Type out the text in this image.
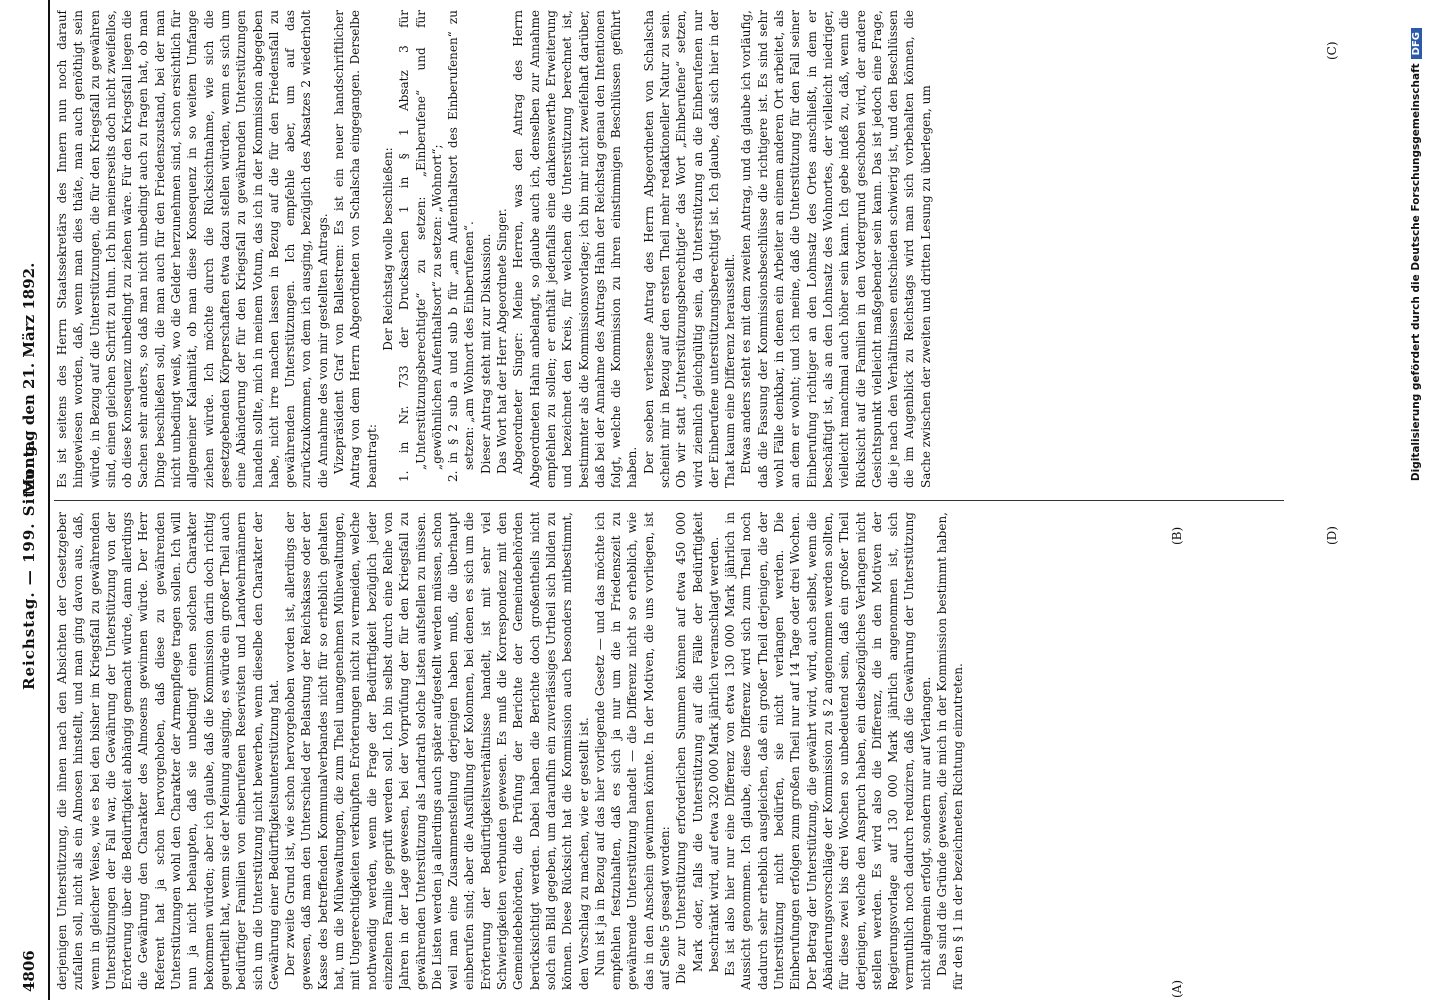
4806
Reichstag. — 199. Sitzung.
Montag den 21. März 1892.

derjenigen Unterstützung, die ihnen nach den Absichten der Gesetzgeber zufallen soll, nicht als ein Almosen hinstellt, und man ging davon aus, daß, wenn in gleicher Weise, wie es bei den bisher im Kriegsfall zu gewährenden Unterstützungen der Fall war, die Gewährung der Unterstützung von der Erörterung über die Bedürftigkeit abhängig gemacht würde, dann allerdings die Gewährung den Charakter des Almosens gewinnen würde. Der Herr Referent hat ja schon hervorgehoben, daß diese zu gewährenden Unterstützungen wohl den Charakter der Armenpflege tragen sollen. Ich will nun ja nicht behaupten, daß sie unbedingt einen solchen Charakter bekommen würden; aber ich glaube, daß die Kommission darin doch richtig geurtheilt hat, wenn sie der Meinung ausging, es würde ein großer Theil auch bedürftiger Familien von einberufenen Reservisten und Landwehrmännern sich um die Unterstützung nicht bewerben, wenn dieselbe den Charakter der Gewährung einer Bedürftigkeitsunterstützung hat. Der zweite Grund ist, wie schon hervorgehoben worden ist, allerdings der gewesen, daß man den Unterschied der Belastung der Reichskasse oder der Kasse des betreffenden Kommunalverbandes nicht für so erheblich gehalten hat, um die Mühewaltungen, die zum Theil unangenehmen Mühewaltungen, mit Ungerechtigkeiten verknüpften Erörterungen nicht zu vermeiden, welche nothwendig werden, wenn die Frage der Bedürftigkeit bezüglich jeder einzelnen Familie geprüft werden soll. Ich bin selbst durch eine Reihe von Jahren in der Lage gewesen, bei der Vorprüfung der für den Kriegsfall zu gewährenden Unterstützung als Landrath solche Listen aufstellen zu müssen. Die Listen werden ja allerdings auch später aufgestellt werden müssen, schon weil man eine Zusammenstellung derjenigen haben muß, die überhaupt einberufen sind; aber die Ausfüllung der Kolonnen, bei denen es sich um die Erörterung der Bedürftigkeitsverhältnisse handelt, ist mit sehr viel Schwierigkeiten verbunden gewesen. Es muß die Korrespondenz mit den Gemeindebehörden, die Prüfung der Berichte der Gemeindebehörden berücksichtigt werden. Dabei haben die Berichte doch großentheils nicht solch ein Bild gegeben, um daraufhin ein zuverlässiges Urtheil sich bilden zu können. Diese Rücksicht hat die Kommission auch besonders mitbestimmt, den Vorschlag zu machen, wie er gestellt ist. Nun ist ja in Bezug auf das hier vorliegende Gesetz — und das möchte ich empfehlen festzuhalten, daß es sich ja nur um die in Friedenszeit zu gewährende Unterstützung handelt — die Differenz nicht so erheblich, wie das in den Anschein gewinnen könnte. In der Motiven, die uns vorliegen, ist auf Seite 5 gesagt worden: Die zur Unterstützung erforderlichen Summen können auf etwa 450 000 Mark oder, falls die Unterstützung auf die Fälle der Bedürftigkeit beschränkt wird, auf etwa 320 000 Mark jährlich veranschlagt werden. Es ist also hier nur eine Differenz von etwa 130 000 Mark jährlich in Aussicht genommen. Ich glaube, diese Differenz wird sich zum Theil noch dadurch sehr erheblich ausgleichen, daß ein großer Theil derjenigen, die der Unterstützung nicht bedürfen, sie nicht verlangen werden. Die Einberufungen erfolgen zum großen Theil nur auf 14 Tage oder drei Wochen. Der Betrag der Unterstützung, die gewährt wird, wird, auch selbst, wenn die Abänderungsvorschläge der Kommission zu § 2 angenommen werden sollten, für diese zwei bis drei Wochen so unbedeutend sein, daß ein großer Theil derjenigen, welche den Anspruch haben, ein diesbezügliches Verlangen nicht stellen werden. Es wird also die Differenz, die in den Motiven der Regierungsvorlage auf 130 000 Mark jährlich angenommen ist, sich vermuthlich noch dadurch reduziren, daß die Gewährung der Unterstützung nicht allgemein erfolgt, sondern nur auf Verlangen. Das sind die Gründe gewesen, die mich in der Kommission bestimmt haben, für den § 1 in der bezeichneten Richtung einzutreten.

Es ist seitens des Herrn Staatssekretärs des Innern nun noch darauf hingewiesen worden, daß, wenn man dies thäte, man auch genöthigt sein würde, in Bezug auf die Unterstützungen, die für den Kriegsfall zu gewähren sind, einen gleichen Schritt zu thun. Ich bin meinerseits doch nicht zweifellos, ob diese Konsequenz unbedingt zu ziehen wäre. Für den Kriegsfall liegen die Sachen sehr anders, so daß man nicht unbedingt auch zu fragen hat, ob man Dinge beschließen soll, die man auch für den Friedenszustand, bei der man nicht unbedingt weiß, wo die Gelder herzunehmen sind, schon ersichtlich für allgemeiner Kalamität, ob man diese Konsequenz in so weitem Umfange ziehen würde. Ich möchte durch die Rücksichtnahme, wie sich die gesetzgebenden Körperschaften etwa dazu stellen würden, wenn es sich um eine Abänderung der für den Kriegsfall zu gewährenden Unterstützungen handeln sollte, mich in meinem Votum, das ich in der Kommission abgegeben habe, nicht irre machen lassen in Bezug auf die für den Friedensfall zu gewährenden Unterstützungen. Ich empfehle aber, um auf das zurückzukommen, von dem ich ausging, bezüglich des Absatzes 2 wiederholt die Annahme des von mir gestellten Antrags. Vizepräsident Graf von Ballestrem: Es ist ein neuer handschriftlicher Antrag von dem Herrn Abgeordneten von Schalscha eingegangen. Derselbe beantragt:

Der Reichstag wolle beschließen: 1. in Nr. 733 der Drucksachen 1 in § 1 Absatz 3 für „Unterstützungsberechtigte“ zu setzen: „Einberufene“ und für „gewöhnlichen Aufenthaltsort“ zu setzen: „Wohnort“; 2. in § 2 sub a und sub b für „am Aufenthaltsort des Einberufenen“ zu setzen: „am Wohnort des Einberufenen“. Dieser Antrag steht mit zur Diskussion. Das Wort hat der Herr Abgeordnete Singer. Abgeordneter Singer: Meine Herren, was den Antrag des Herrn Abgeordneten Hahn anbelangt, so glaube auch ich, denselben zur Annahme empfehlen zu sollen; er enthält jedenfalls eine dankenswerthe Erweiterung und bezeichnet den Kreis, für welchen die Unterstützung berechnet ist, bestimmter als die Kommissionsvorlage; ich bin mir nicht zweifelhaft darüber, daß bei der Annahme des Antrags Hahn der Reichstag genau den Intentionen folgt, welche die Kommission zu ihren einstimmigen Beschlüssen geführt haben. Der soeben verlesene Antrag des Herrn Abgeordneten von Schalscha scheint mir in Bezug auf den ersten Theil mehr redaktioneller Natur zu sein. Ob wir statt „Unterstützungsberechtigte“ das Wort „Einberufene“ setzen, wird ziemlich gleichgültig sein, da Unterstützung an die Einberufenen nur der Einberufene unterstützungsberechtigt ist. Ich glaube, daß sich hier in der That kaum eine Differenz herausstellt. Etwas anders steht es mit dem zweiten Antrag, und da glaube ich vorläufig, daß die Fassung der Kommissionsbeschlüsse die richtigere ist. Es sind sehr wohl Fälle denkbar, in denen ein Arbeiter an einem anderen Ort arbeitet, als an dem er wohnt; und ich meine, daß die Unterstützung für den Fall seiner Einberufung richtiger an den Lohnsatz des Ortes anschließt, in dem er beschäftigt ist, als an den Lohnsatz des Wohnortes, der vielleicht niedriger, vielleicht manchmal auch höher sein kann. Ich gebe indeß zu, daß, wenn die Rücksicht auf die Familien in den Vordergrund geschoben wird, der andere Gesichtspunkt vielleicht maßgebender sein kann. Das ist jedoch eine Frage, die je nach den Verhältnissen entschieden schwierig ist, und den Beschlüssen die im Augenblick zu Reichstags wird man sich vorbehalten können, die Sache zwischen der zweiten und dritten Lesung zu überlegen, um

(A)
(B)
(C)
(D)
Digitalisierung gefördert durch die Deutsche ForschungsgemeinschaftDFG
